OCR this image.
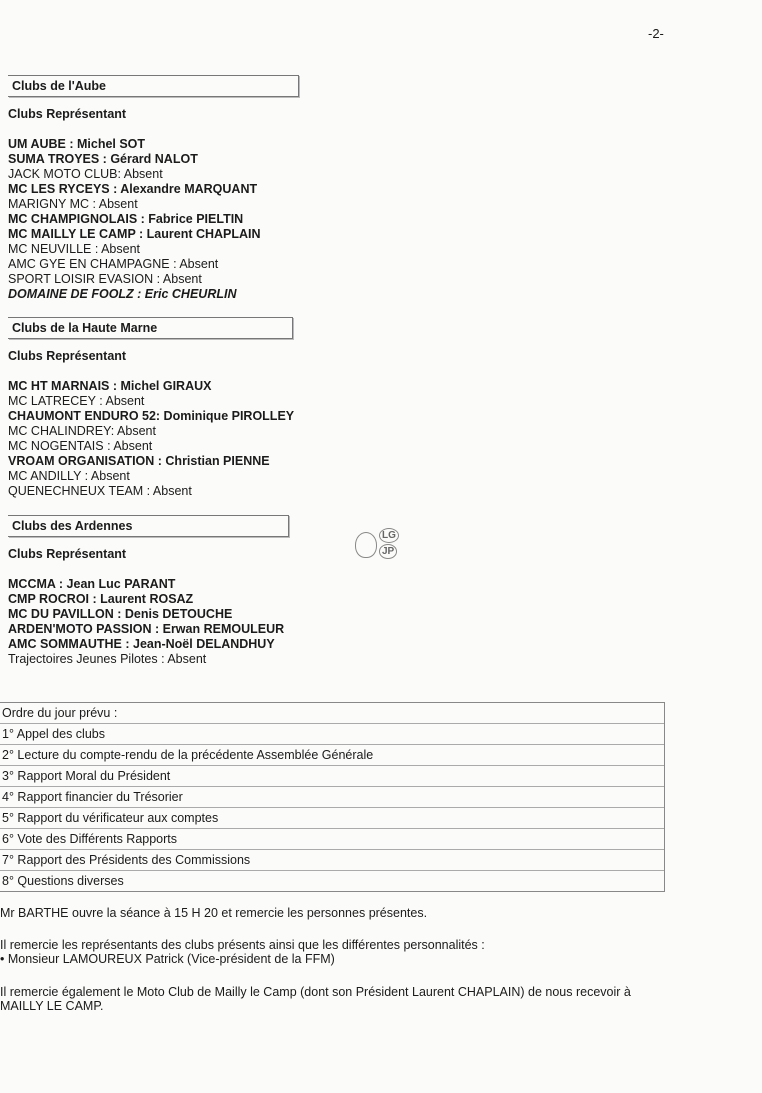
-2-
Clubs de l'Aube
Clubs Représentant
UM AUBE : Michel SOT
SUMA TROYES : Gérard NALOT
JACK MOTO CLUB: Absent
MC LES RYCEYS : Alexandre MARQUANT
MARIGNY MC : Absent
MC CHAMPIGNOLAIS : Fabrice PIELTIN
MC MAILLY LE CAMP : Laurent CHAPLAIN
MC NEUVILLE : Absent
AMC GYE EN CHAMPAGNE : Absent
SPORT LOISIR EVASION : Absent
DOMAINE DE FOOLZ : Eric CHEURLIN
Clubs de la Haute Marne
Clubs Représentant
MC HT MARNAIS : Michel GIRAUX
MC LATRECEY : Absent
CHAUMONT ENDURO 52: Dominique PIROLLEY
MC CHALINDREY: Absent
MC NOGENTAIS : Absent
VROAM ORGANISATION : Christian PIENNE
MC ANDILLY : Absent
QUENECHNEUX TEAM : Absent
Clubs des Ardennes
Clubs Représentant
MCCMA : Jean Luc PARANT
CMP ROCROI : Laurent ROSAZ
MC DU PAVILLON : Denis DETOUCHE
ARDEN'MOTO PASSION : Erwan REMOULEUR
AMC SOMMAUTHE : Jean-Noël DELANDHUY
Trajectoires Jeunes Pilotes : Absent
LG
JP
Ordre du jour prévu :
1° Appel des clubs
2° Lecture du compte-rendu de la précédente Assemblée Générale
3° Rapport Moral du Président
4° Rapport financier du Trésorier
5° Rapport du vérificateur aux comptes
6° Vote des Différents Rapports
7° Rapport des Présidents des Commissions
8° Questions diverses
Mr BARTHE ouvre la séance à 15 H 20 et remercie les personnes présentes.
Il remercie les représentants des clubs présents ainsi que les différentes personnalités :
• Monsieur LAMOUREUX Patrick (Vice-président de la FFM)
Il remercie également le Moto Club de Mailly le Camp (dont son Président Laurent CHAPLAIN) de nous recevoir à
MAILLY LE CAMP.
